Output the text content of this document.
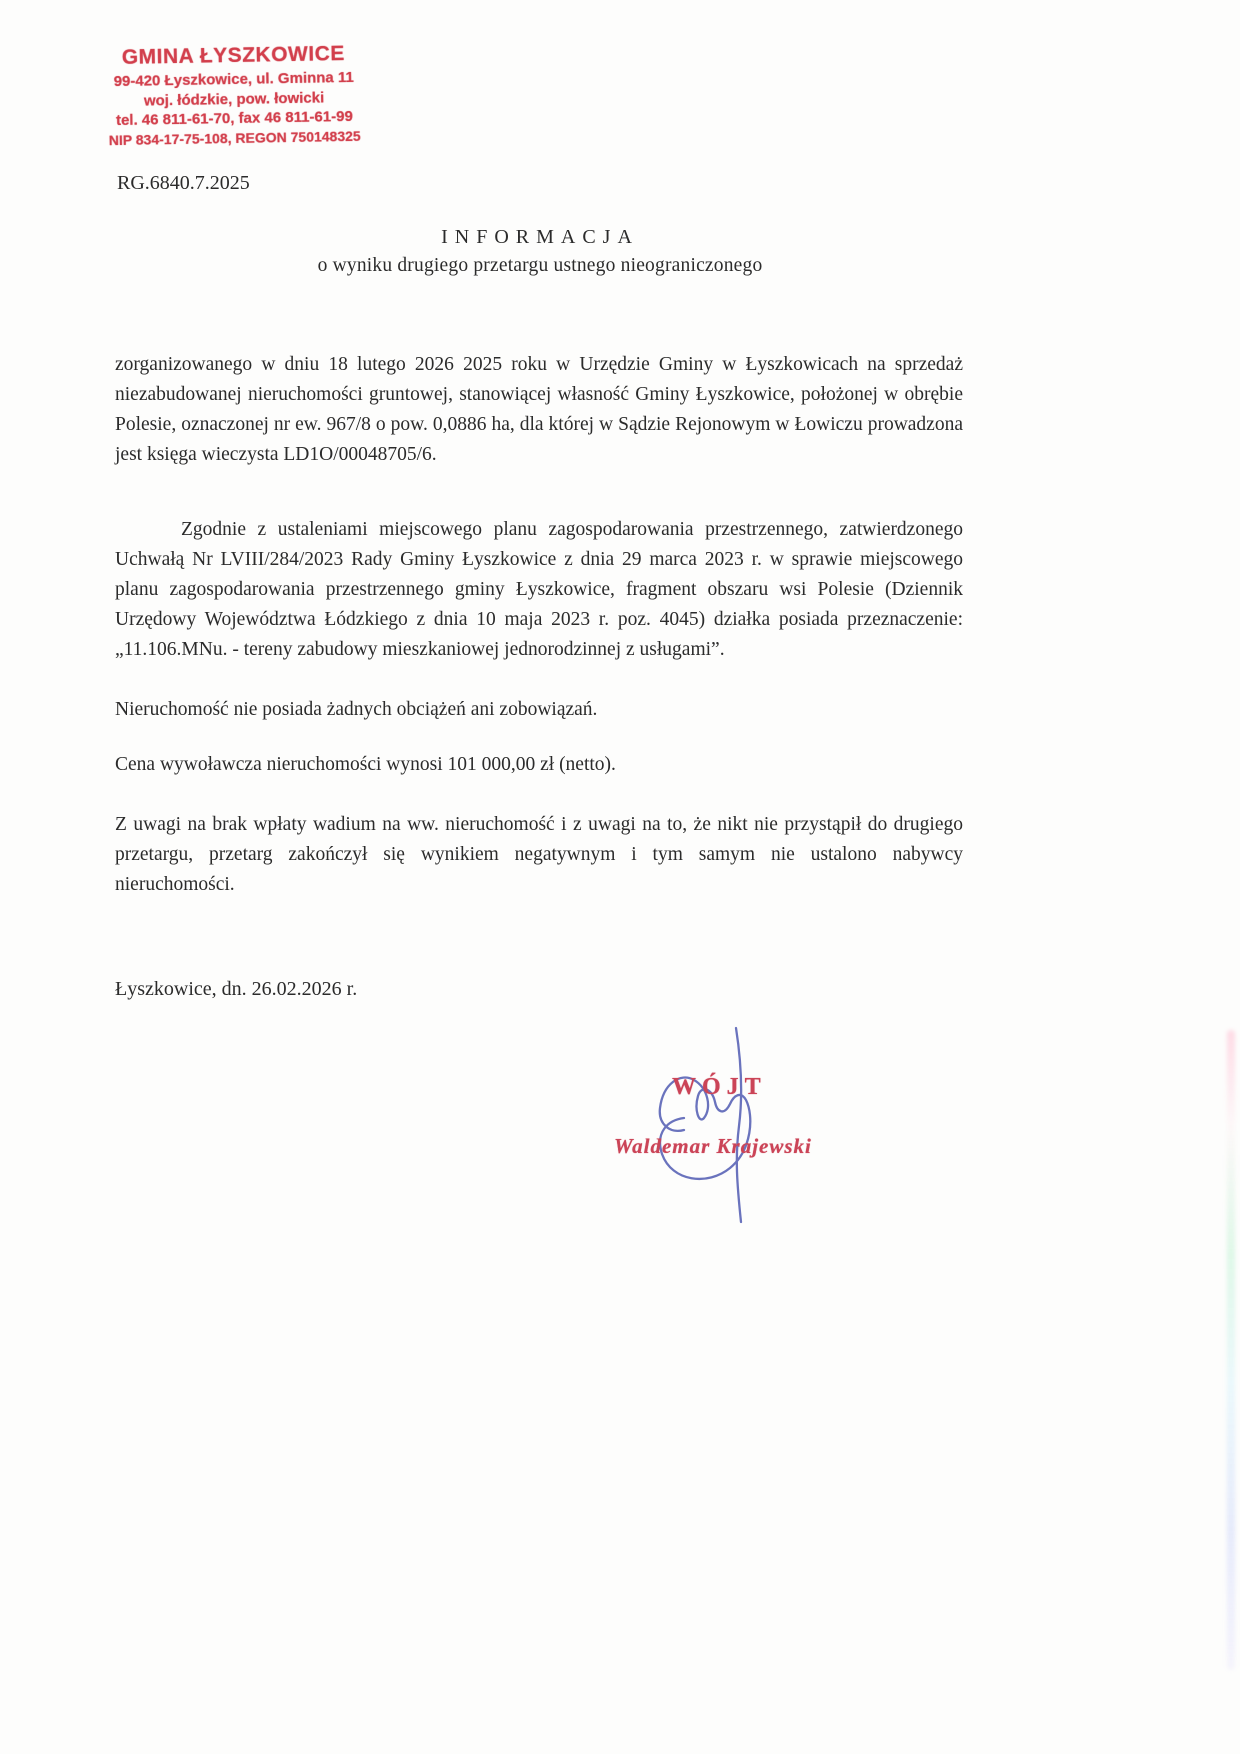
GMINA ŁYSZKOWICE
99-420 Łyszkowice, ul. Gminna 11
woj. łódzkie, pow. łowicki
tel. 46 811-61-70, fax 46 811-61-99
NIP 834-17-75-108, REGON 750148325
RG.6840.7.2025
INFORMACJA
o wyniku drugiego przetargu ustnego nieograniczonego

zorganizowanego w dniu 18 lutego 2026 2025 roku w Urzędzie Gminy w Łyszkowicach na sprzedaż niezabudowanej nieruchomości gruntowej, stanowiącej własność Gminy Łyszkowice, położonej w obrębie Polesie, oznaczonej nr ew. 967/8 o pow. 0,0886 ha, dla której w Sądzie Rejonowym w Łowiczu prowadzona jest księga wieczysta LD1O/00048705/6.

Zgodnie z ustaleniami miejscowego planu zagospodarowania przestrzennego, zatwierdzonego Uchwałą Nr LVIII/284/2023 Rady Gminy Łyszkowice z dnia 29 marca 2023 r. w sprawie miejscowego planu zagospodarowania przestrzennego gminy Łyszkowice, fragment obszaru wsi Polesie (Dziennik Urzędowy Województwa Łódzkiego z dnia 10 maja 2023 r. poz. 4045) działka posiada przeznaczenie: „11.106.MNu. - tereny zabudowy mieszkaniowej jednorodzinnej z usługami”.

Nieruchomość nie posiada żadnych obciążeń ani zobowiązań.

Cena wywoławcza nieruchomości wynosi 101 000,00 zł (netto).

Z uwagi na brak wpłaty wadium na ww. nieruchomość i z uwagi na to, że nikt nie przystąpił do drugiego przetargu, przetarg zakończył się wynikiem negatywnym i tym samym nie ustalono nabywcy nieruchomości.

Łyszkowice, dn. 26.02.2026 r.
WÓJT
Waldemar Krajewski
